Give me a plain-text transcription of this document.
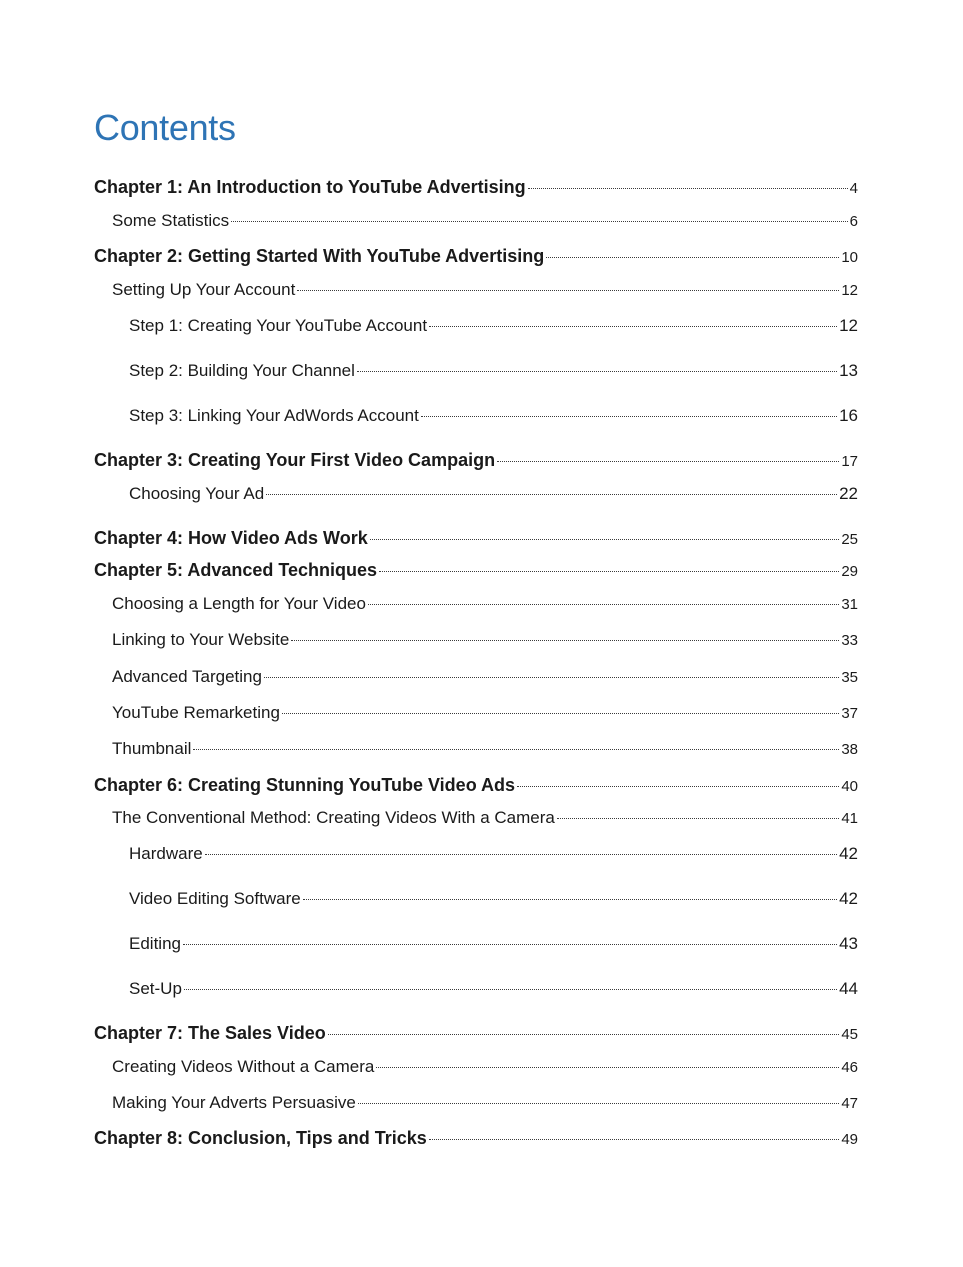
Contents
Chapter 1: An Introduction to YouTube Advertising	4
Some Statistics	6
Chapter 2: Getting Started With YouTube Advertising	10
Setting Up Your Account	12
Step 1: Creating Your YouTube Account	12
Step 2: Building Your Channel	13
Step 3: Linking Your AdWords Account	16
Chapter 3: Creating Your First Video Campaign	17
Choosing Your Ad	22
Chapter 4: How Video Ads Work	25
Chapter 5: Advanced Techniques	29
Choosing a Length for Your Video	31
Linking to Your Website	33
Advanced Targeting	35
YouTube Remarketing	37
Thumbnail	38
Chapter 6: Creating Stunning YouTube Video Ads	40
The Conventional Method: Creating Videos With a Camera	41
Hardware	42
Video Editing Software	42
Editing	43
Set-Up	44
Chapter 7: The Sales Video	45
Creating Videos Without a Camera	46
Making Your Adverts Persuasive	47
Chapter 8: Conclusion, Tips and Tricks	49
